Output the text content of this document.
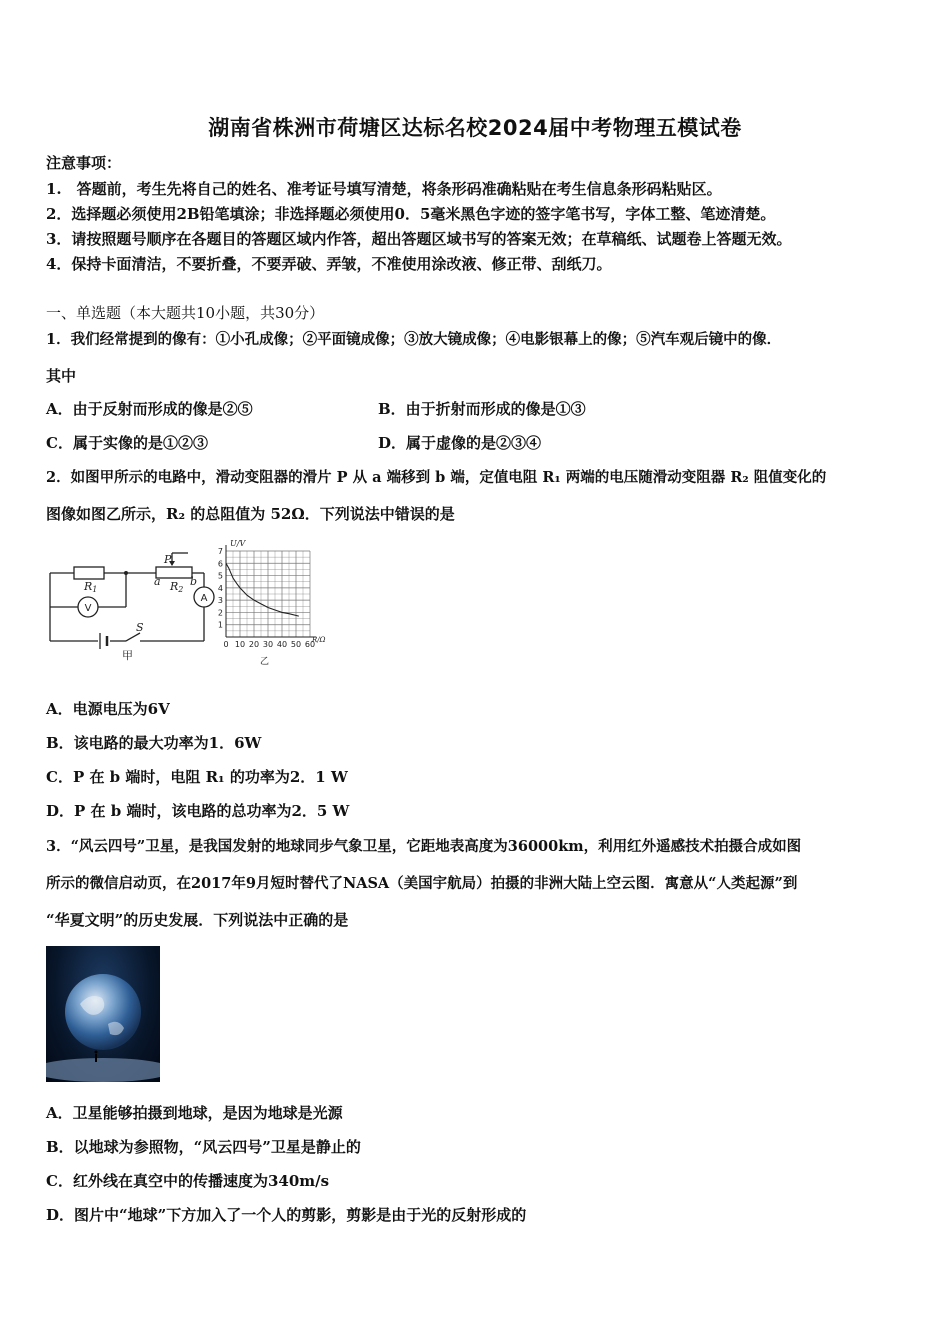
湖南省株洲市荷塘区达标名校2024届中考物理五模试卷
注意事项：
1.　答题前，考生先将自己的姓名、准考证号填写清楚，将条形码准确粘贴在考生信息条形码粘贴区。
2．选择题必须使用2B铅笔填涂；非选择题必须使用0．5毫米黑色字迹的签字笔书写，字体工整、笔迹清楚。
3．请按照题号顺序在各题目的答题区域内作答，超出答题区域书写的答案无效；在草稿纸、试题卷上答题无效。
4．保持卡面清洁，不要折叠，不要弄破、弄皱，不准使用涂改液、修正带、刮纸刀。
一、单选题（本大题共10小题，共30分）
1．我们经常提到的像有：①小孔成像；②平面镜成像；③放大镜成像；④电影银幕上的像；⑤汽车观后镜中的像．
其中
A．由于反射而形成的像是②⑤	B．由于折射而形成的像是①③
C．属于实像的是①②③	D．属于虚像的是②③④
2．如图甲所示的电路中，滑动变阻器的滑片 P 从 a 端移到 b 端，定值电阻 R₁ 两端的电压随滑动变阻器 R₂ 阻值变化的
图像如图乙所示，R₂ 的总阻值为 52Ω．下列说法中错误的是
R1	R2
P
a	b
S
V
A
甲
0 10 20 30 40 50 60
1
2
3
4
5
6
7
U/V
R/Ω
乙
A．电源电压为6V
B．该电路的最大功率为1．6W
C．P 在 b 端时，电阻 R₁ 的功率为2．1 W
D．P 在 b 端时，该电路的总功率为2．5 W
3．“风云四号”卫星，是我国发射的地球同步气象卫星，它距地表高度为36000km，利用红外遥感技术拍摄合成如图
所示的微信启动页，在2017年9月短时替代了NASA（美国宇航局）拍摄的非洲大陆上空云图．寓意从“人类起源”到
“华夏文明”的历史发展．下列说法中正确的是
A．卫星能够拍摄到地球，是因为地球是光源
B．以地球为参照物，“风云四号”卫星是静止的
C．红外线在真空中的传播速度为340m/s
D．图片中“地球”下方加入了一个人的剪影，剪影是由于光的反射形成的
